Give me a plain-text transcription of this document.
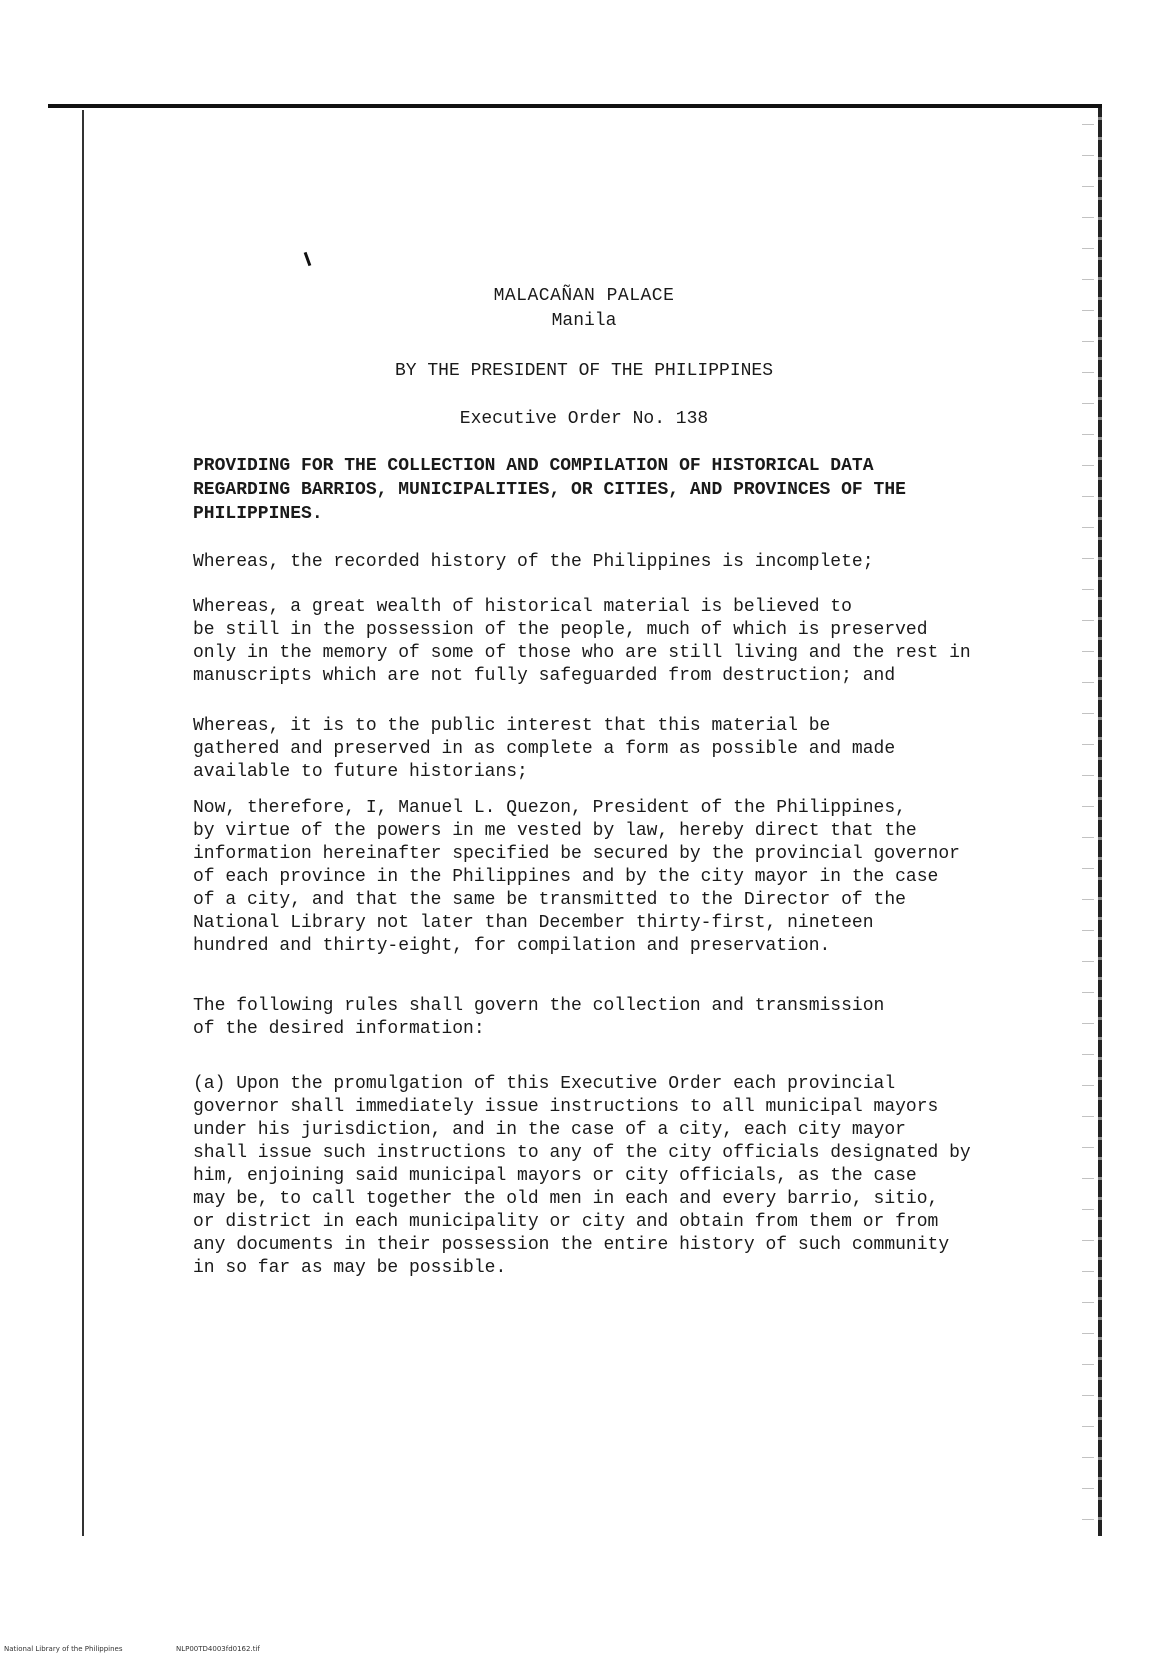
MALACAÑAN PALACE
Manila
BY THE PRESIDENT OF THE PHILIPPINES
Executive Order No. 138
PROVIDING FOR THE COLLECTION AND COMPILATION OF HISTORICAL DATA
REGARDING BARRIOS, MUNICIPALITIES, OR CITIES, AND PROVINCES OF THE
PHILIPPINES.
Whereas, the recorded history of the Philippines is incomplete;
Whereas, a great wealth of historical material is believed to
be still in the possession of the people, much of which is preserved
only in the memory of some of those who are still living and the rest in
manuscripts which are not fully safeguarded from destruction; and
Whereas, it is to the public interest that this material be
gathered and preserved in as complete a form as possible and made
available to future historians;
Now, therefore, I, Manuel L. Quezon, President of the Philippines,
by virtue of the powers in me vested by law, hereby direct that the
information hereinafter specified be secured by the provincial governor
of each province in the Philippines and by the city mayor in the case
of a city, and that the same be transmitted to the Director of the
National Library not later than December thirty-first, nineteen
hundred and thirty-eight, for compilation and preservation.
The following rules shall govern the collection and transmission
of the desired information:
(a) Upon the promulgation of this Executive Order each provincial
governor shall immediately issue instructions to all municipal mayors
under his jurisdiction, and in the case of a city, each city mayor
shall issue such instructions to any of the city officials designated by
him, enjoining said municipal mayors or city officials, as the case
may be, to call together the old men in each and every barrio, sitio,
or district in each municipality or city and obtain from them or from
any documents in their possession the entire history of such community
in so far as may be possible.
National Library of the Philippines	NLP00TD4003fd0162.tif
